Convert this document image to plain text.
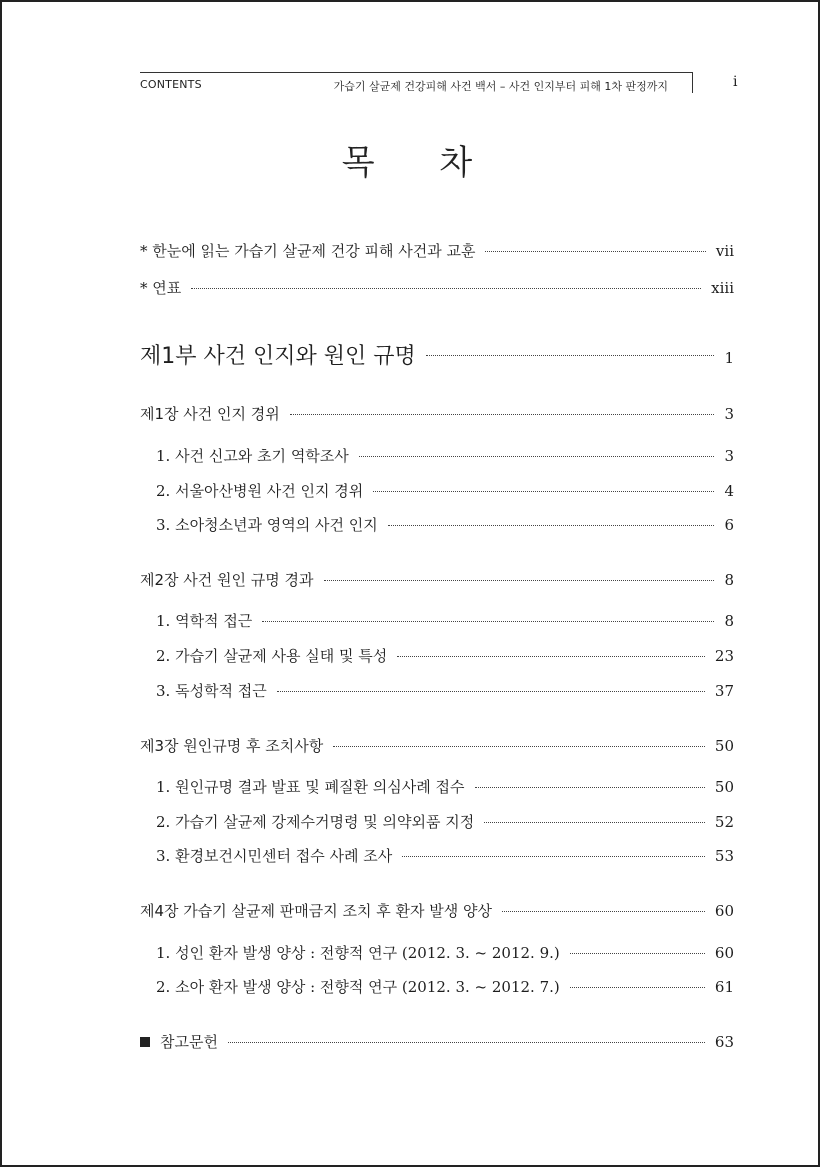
CONTENTS	가습기 살균제 건강피해 사건 백서 – 사건 인지부터 피해 1차 판정까지	i
목 차
* 한눈에 읽는 가습기 살균제 건강 피해 사건과 교훈	vii
* 연표	xiii
제1부 사건 인지와 원인 규명	1
제1장 사건 인지 경위	3
1. 사건 신고와 초기 역학조사	3
2. 서울아산병원 사건 인지 경위	4
3. 소아청소년과 영역의 사건 인지	6
제2장 사건 원인 규명 경과	8
1. 역학적 접근	8
2. 가습기 살균제 사용 실태 및 특성	23
3. 독성학적 접근	37
제3장 원인규명 후 조치사항	50
1. 원인규명 결과 발표 및 폐질환 의심사례 접수	50
2. 가습기 살균제 강제수거명령 및 의약외품 지정	52
3. 환경보건시민센터 접수 사례 조사	53
제4장 가습기 살균제 판매금지 조치 후 환자 발생 양상	60
1. 성인 환자 발생 양상 : 전향적 연구 (2012. 3. ~ 2012. 9.)	60
2. 소아 환자 발생 양상 : 전향적 연구 (2012. 3. ~ 2012. 7.)	61
참고문헌	63
